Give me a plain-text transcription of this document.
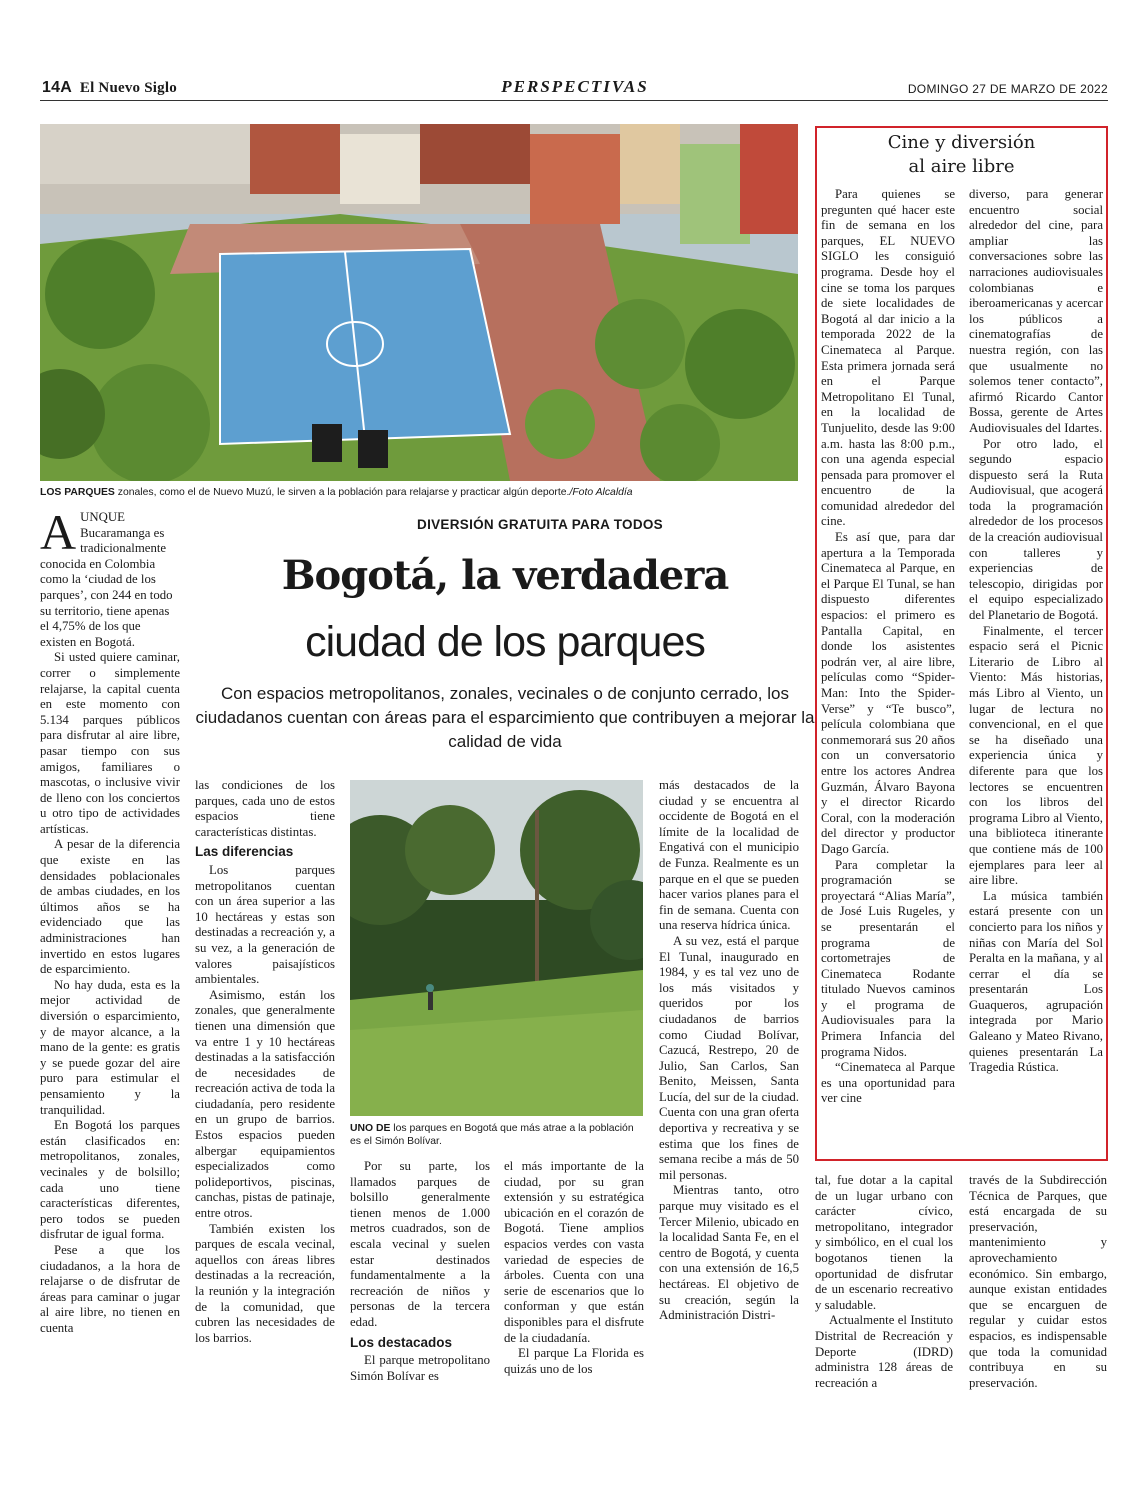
14A El Nuevo Siglo	PERSPECTIVAS	DOMINGO 27 DE MARZO DE 2022
LOS PARQUES zonales, como el de Nuevo Muzú, le sirven a la población para relajarse y practicar algún deporte./Foto Alcaldía
A UNQUE Bucaramanga es tradicionalmente conocida en Colombia como la ‘ciudad de los parques’, con 244 en todo su territorio, tiene apenas el 4,75% de los que existen en Bogotá.

Si usted quiere caminar, correr o simplemente relajarse, la capital cuenta en este momento con 5.134 parques públicos para disfrutar al aire libre, pasar tiempo con sus amigos, familiares o mascotas, o inclusive vivir de lleno con los conciertos u otro tipo de actividades artísticas.

A pesar de la diferencia que existe en las densidades poblacionales de ambas ciudades, en los últimos años se ha evidenciado que las administraciones han invertido en estos lugares de esparcimiento.

No hay duda, esta es la mejor actividad de diversión o esparcimiento, y de mayor alcance, a la mano de la gente: es gratis y se puede gozar del aire puro para estimular el pensamiento y la tranquilidad.

En Bogotá los parques están clasificados en: metropolitanos, zonales, vecinales y de bolsillo; cada uno tiene características diferentes, pero todos se pueden disfrutar de igual forma.

Pese a que los ciudadanos, a la hora de relajarse o de disfrutar de áreas para caminar o jugar al aire libre, no tienen en cuenta

DIVERSIÓN GRATUITA PARA TODOS
Bogotá, la verdadera
ciudad de los parques
Con espacios metropolitanos, zonales, vecinales o de conjunto cerrado, los ciudadanos cuentan con áreas para el esparcimiento que contribuyen a mejorar la calidad de vida

las condiciones de los parques, cada uno de estos espacios tiene características distintas.

Las diferencias

Los parques metropolitanos cuentan con un área superior a las 10 hectáreas y estas son destinadas a recreación y, a su vez, a la generación de valores paisajísticos ambientales.

Asimismo, están los zonales, que generalmente tienen una dimensión que va entre 1 y 10 hectáreas destinadas a la satisfacción de necesidades de recreación activa de toda la ciudadanía, pero residente en un grupo de barrios. Estos espacios pueden albergar equipamientos especializados como polideportivos, piscinas, canchas, pistas de patinaje, entre otros.

También existen los parques de escala vecinal, aquellos con áreas libres destinadas a la recreación, la reunión y la integración de la comunidad, que cubren las necesidades de los barrios.

UNO DE los parques en Bogotá que más atrae a la población es el Simón Bolívar.

Por su parte, los llamados parques de bolsillo generalmente tienen menos de 1.000 metros cuadrados, son de escala vecinal y suelen estar destinados fundamentalmente a la recreación de niños y personas de la tercera edad.

Los destacados

El parque metropolitano Simón Bolívar es

el más importante de la ciudad, por su gran extensión y su estratégica ubicación en el corazón de Bogotá. Tiene amplios espacios verdes con vasta variedad de especies de árboles. Cuenta con una serie de escenarios que lo conforman y que están disponibles para el disfrute de la ciudadanía.

El parque La Florida es quizás uno de los

más destacados de la ciudad y se encuentra al occidente de Bogotá en el límite de la localidad de Engativá con el municipio de Funza. Realmente es un parque en el que se pueden hacer varios planes para el fin de semana. Cuenta con una reserva hídrica única.

A su vez, está el parque El Tunal, inaugurado en 1984, y es tal vez uno de los más visitados y queridos por los ciudadanos de barrios como Ciudad Bolívar, Cazucá, Restrepo, 20 de Julio, San Carlos, San Benito, Meissen, Santa Lucía, del sur de la ciudad. Cuenta con una gran oferta deportiva y recreativa y se estima que los fines de semana recibe a más de 50 mil personas.

Mientras tanto, otro parque muy visitado es el Tercer Milenio, ubicado en la localidad Santa Fe, en el centro de Bogotá, y cuenta con una extensión de 16,5 hectáreas. El objetivo de su creación, según la Administración Distri-

tal, fue dotar a la capital de un lugar urbano con carácter cívico, metropolitano, integrador y simbólico, en el cual los bogotanos tienen la oportunidad de disfrutar de un escenario recreativo y saludable.

Actualmente el Instituto Distrital de Recreación y Deporte (IDRD) administra 128 áreas de recreación a

través de la Subdirección Técnica de Parques, que está encargada de su preservación, mantenimiento y aprovechamiento económico. Sin embargo, aunque existan entidades que se encarguen de regular y cuidar estos espacios, es indispensable que toda la comunidad contribuya en su preservación.

Cine y diversión
al aire libre

Para quienes se pregunten qué hacer este fin de semana en los parques, EL NUEVO SIGLO les consiguió programa. Desde hoy el cine se toma los parques de siete localidades de Bogotá al dar inicio a la temporada 2022 de la Cinemateca al Parque. Esta primera jornada será en el Parque Metropolitano El Tunal, en la localidad de Tunjuelito, desde las 9:00 a.m. hasta las 8:00 p.m., con una agenda especial pensada para promover el encuentro de la comunidad alrededor del cine.

Es así que, para dar apertura a la Temporada Cinemateca al Parque, en el Parque El Tunal, se han dispuesto diferentes espacios: el primero es Pantalla Capital, en donde los asistentes podrán ver, al aire libre, películas como “Spider-Man: Into the Spider-Verse” y “Te busco”, película colombiana que conmemorará sus 20 años con un conversatorio entre los actores Andrea Guzmán, Álvaro Bayona y el director Ricardo Coral, con la moderación del director y productor Dago García.

Para completar la programación se proyectará “Alias María”, de José Luis Rugeles, y se presentarán el programa de cortometrajes de Cinemateca Rodante titulado Nuevos caminos y el programa de Audiovisuales para la Primera Infancia del programa Nidos.

“Cinemateca al Parque es una oportunidad para ver cine

diverso, para generar encuentro social alrededor del cine, para ampliar las conversaciones sobre las narraciones audiovisuales colombianas e iberoamericanas y acercar los públicos a cinematografías de nuestra región, con las que usualmente no solemos tener contacto”, afirmó Ricardo Cantor Bossa, gerente de Artes Audiovisuales del Idartes.

Por otro lado, el segundo espacio dispuesto será la Ruta Audiovisual, que acogerá toda la programación alrededor de los procesos de la creación audiovisual con talleres y experiencias de telescopio, dirigidas por el equipo especializado del Planetario de Bogotá.

Finalmente, el tercer espacio será el Picnic Literario de Libro al Viento: Más historias, más Libro al Viento, un lugar de lectura no convencional, en el que se ha diseñado una experiencia única y diferente para que los lectores se encuentren con los libros del programa Libro al Viento, una biblioteca itinerante que contiene más de 100 ejemplares para leer al aire libre.

La música también estará presente con un concierto para los niños y niñas con María del Sol Peralta en la mañana, y al cerrar el día se presentarán Los Guaqueros, agrupación integrada por Mario Galeano y Mateo Rivano, quienes presentarán La Tragedia Rústica.
